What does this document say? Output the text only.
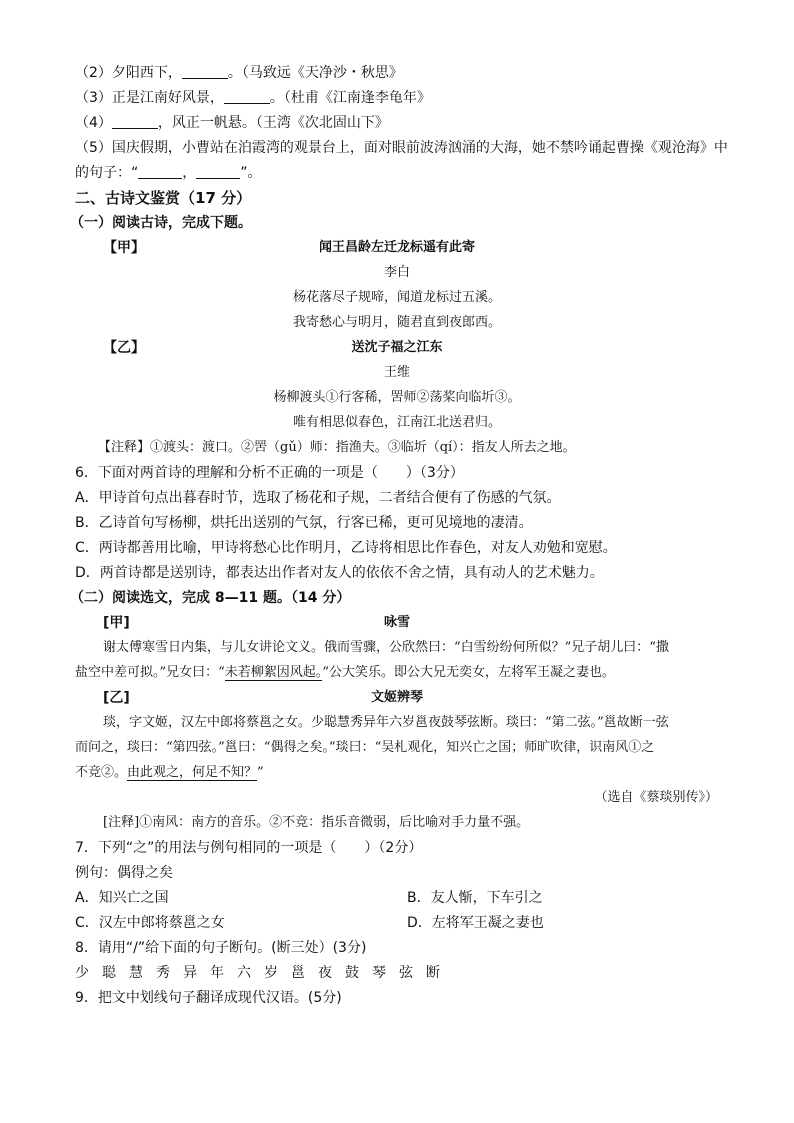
（2）夕阳西下，	。（马致远《天净沙・秋思》
（3）正是江南好风景，	。（杜甫《江南逢李龟年》
（4）	，风正一帆悬。（王湾《次北固山下》
（5）国庆假期，小曹站在泊霞湾的观景台上，面对眼前波涛汹涌的大海，她不禁吟诵起曹操《观沧海》中
的句子：“	，	”。
二、古诗文鉴赏（17 分）
（一）阅读古诗，完成下题。
【甲】	闻王昌龄左迁龙标遥有此寄
李白
杨花落尽子规啼，闻道龙标过五溪。
我寄愁心与明月，随君直到夜郎西。
【乙】	送沈子福之江东
王维
杨柳渡头①行客稀，罟师②荡桨向临圻③。
唯有相思似春色，江南江北送君归。
【注释】①渡头：渡口。②罟（gǔ）师：指渔夫。③临圻（qí）：指友人所去之地。
6．下面对两首诗的理解和分析不正确的一项是（　　）（3分）
A．甲诗首句点出暮春时节，选取了杨花和子规，二者结合便有了伤感的气氛。
B．乙诗首句写杨柳，烘托出送别的气氛，行客已稀，更可见境地的凄清。
C．两诗都善用比喻，甲诗将愁心比作明月，乙诗将相思比作春色，对友人劝勉和宽慰。
D．两首诗都是送别诗，都表达出作者对友人的依依不舍之情，具有动人的艺术魅力。
（二）阅读选文，完成 8—11 题。（14 分）
[甲]	咏雪
谢太傅寒雪日内集，与儿女讲论文义。俄而雪骤，公欣然曰：“白雪纷纷何所似？”兄子胡儿曰：“撒
盐空中差可拟。”兄女曰：“未若柳絮因风起。”公大笑乐。即公大兄无奕女，左将军王凝之妻也。
[乙]	文姬辨琴
琰，字文姬，汉左中郎将蔡邕之女。少聪慧秀异年六岁邕夜鼓琴弦断。琰曰：“第二弦。”邕故断一弦
而问之，琰曰：“第四弦。”邕曰：“偶得之矣。”琰曰：“吴札观化，知兴亡之国；师旷吹律，识南风①之
不竞②。由此观之，何足不知？”
（选自《蔡琰别传》）
[注释]①南风：南方的音乐。②不竞：指乐音微弱，后比喻对手力量不强。
7．下列“之”的用法与例句相同的一项是（　　）（2分）
例句：偶得之矣
A．知兴亡之国	B．友人惭，下车引之
C．汉左中郎将蔡邕之女	D．左将军王凝之妻也
8．请用“/”给下面的句子断句。(断三处）(3分)
少聪慧秀异年六岁邕夜鼓琴弦断
9．把文中划线句子翻译成现代汉语。(5分)
